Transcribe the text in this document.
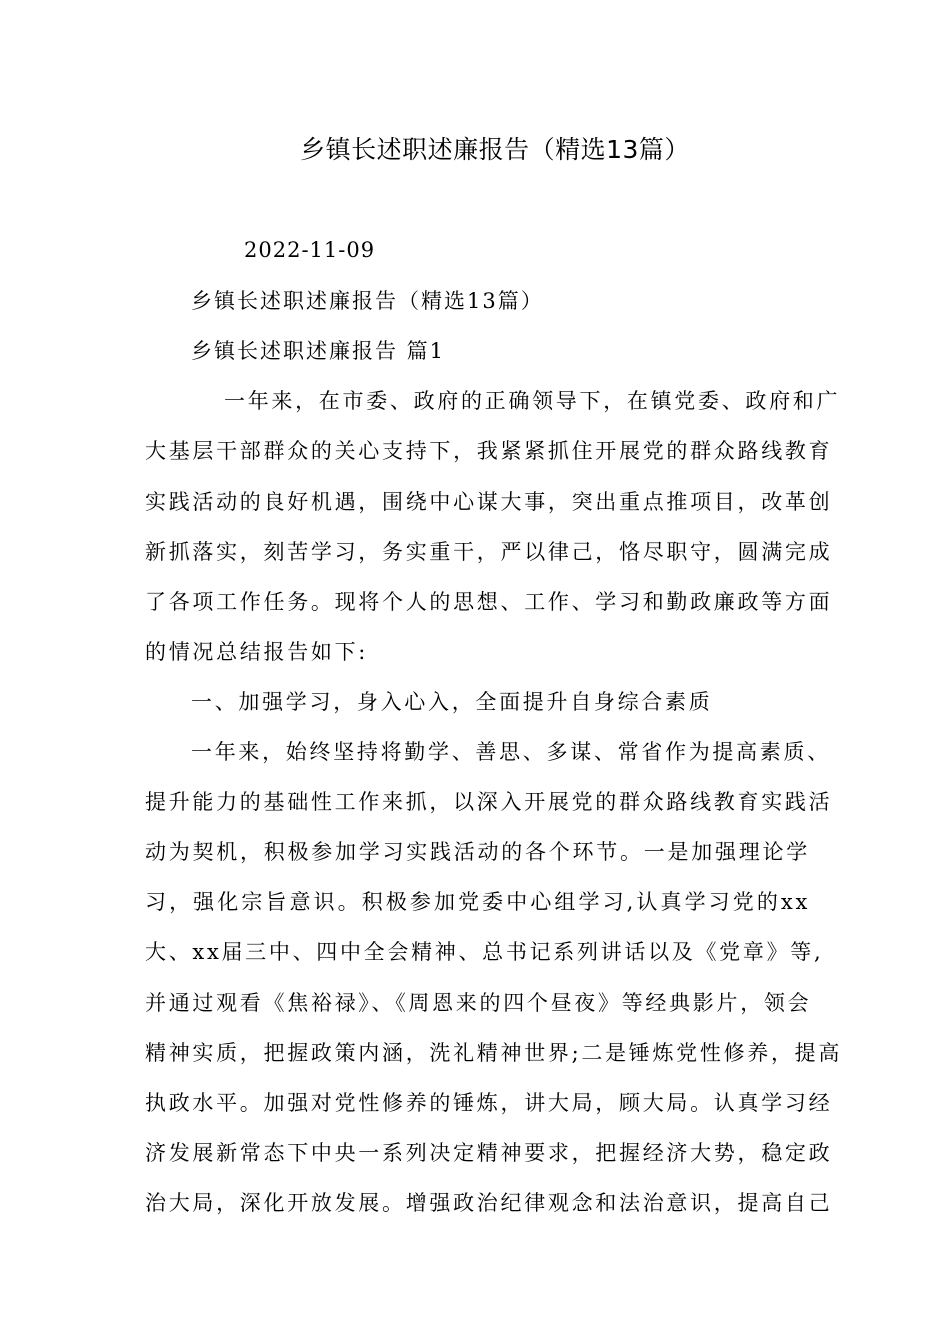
乡镇长述职述廉报告（精选13篇）
2022-11-09
乡镇长述职述廉报告（精选13篇）
乡镇长述职述廉报告 篇1
一年来，在市委、政府的正确领导下，在镇党委、政府和广
大基层干部群众的关心支持下，我紧紧抓住开展党的群众路线教育
实践活动的良好机遇，围绕中心谋大事，突出重点推项目，改革创
新抓落实，刻苦学习，务实重干，严以律己，恪尽职守，圆满完成
了各项工作任务。现将个人的思想、工作、学习和勤政廉政等方面
的情况总结报告如下:
一、加强学习，身入心入，全面提升自身综合素质
一年来，始终坚持将勤学、善思、多谋、常省作为提高素质、
提升能力的基础性工作来抓，以深入开展党的群众路线教育实践活
动为契机，积极参加学习实践活动的各个环节。一是加强理论学
习，强化宗旨意识。积极参加党委中心组学习,认真学习党的xx
大、xx届三中、四中全会精神、总书记系列讲话以及《党章》等,
并通过观看《焦裕禄》、《周恩来的四个昼夜》等经典影片，领会
精神实质，把握政策内涵，洗礼精神世界;二是锤炼党性修养，提高
执政水平。加强对党性修养的锤炼，讲大局，顾大局。认真学习经
济发展新常态下中央一系列决定精神要求，把握经济大势，稳定政
治大局，深化开放发展。增强政治纪律观念和法治意识，提高自己
